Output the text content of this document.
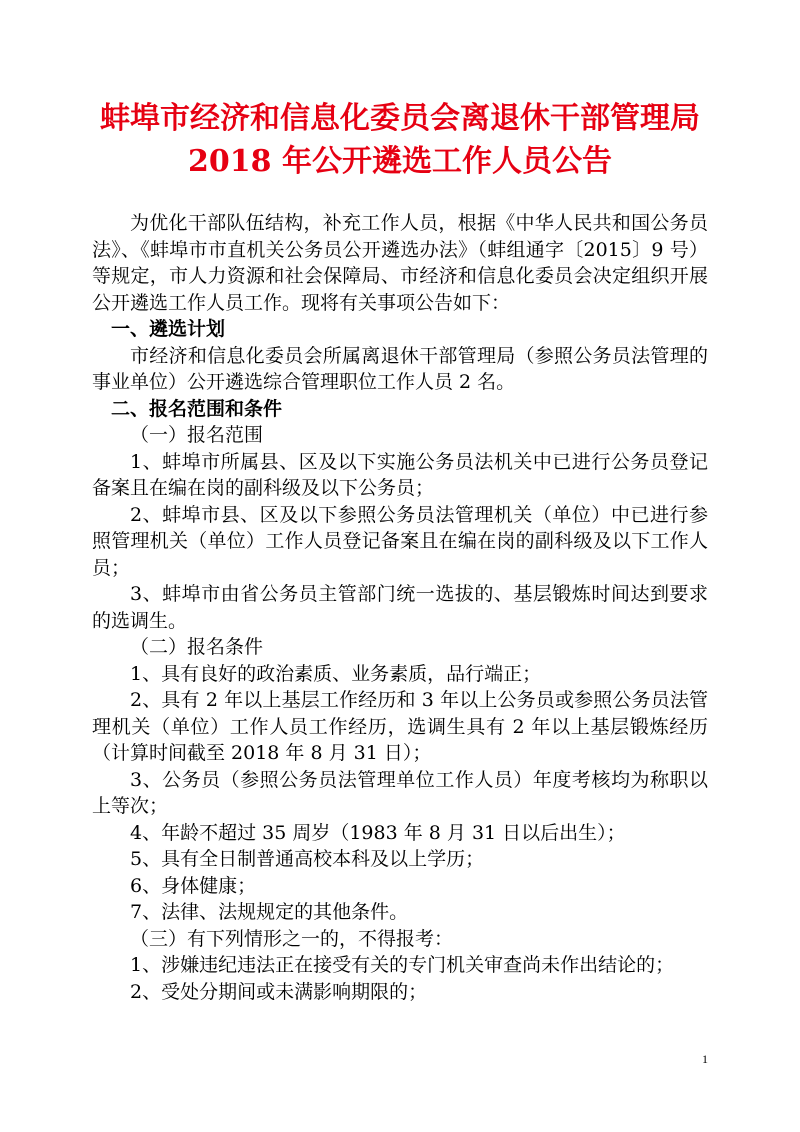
蚌埠市经济和信息化委员会离退休干部管理局
2018 年公开遴选工作人员公告

为优化干部队伍结构，补充工作人员，根据《中华人民共和国公务员法》、《蚌埠市市直机关公务员公开遴选办法》（蚌组通字〔2015〕9 号）等规定，市人力资源和社会保障局、市经济和信息化委员会决定组织开展公开遴选工作人员工作。现将有关事项公告如下：

一、遴选计划

市经济和信息化委员会所属离退休干部管理局（参照公务员法管理的事业单位）公开遴选综合管理职位工作人员 2 名。

二、报名范围和条件

（一）报名范围

1、蚌埠市所属县、区及以下实施公务员法机关中已进行公务员登记备案且在编在岗的副科级及以下公务员；

2、蚌埠市县、区及以下参照公务员法管理机关（单位）中已进行参照管理机关（单位）工作人员登记备案且在编在岗的副科级及以下工作人员；

3、蚌埠市由省公务员主管部门统一选拔的、基层锻炼时间达到要求的选调生。

（二）报名条件

1、具有良好的政治素质、业务素质，品行端正；

2、具有 2 年以上基层工作经历和 3 年以上公务员或参照公务员法管理机关（单位）工作人员工作经历，选调生具有 2 年以上基层锻炼经历（计算时间截至 2018 年 8 月 31 日）；

3、公务员（参照公务员法管理单位工作人员）年度考核均为称职以上等次；

4、年龄不超过 35 周岁（1983 年 8 月 31 日以后出生）；

5、具有全日制普通高校本科及以上学历；

6、身体健康；

7、法律、法规规定的其他条件。

（三）有下列情形之一的，不得报考：

1、涉嫌违纪违法正在接受有关的专门机关审查尚未作出结论的；

2、受处分期间或未满影响期限的；

1
